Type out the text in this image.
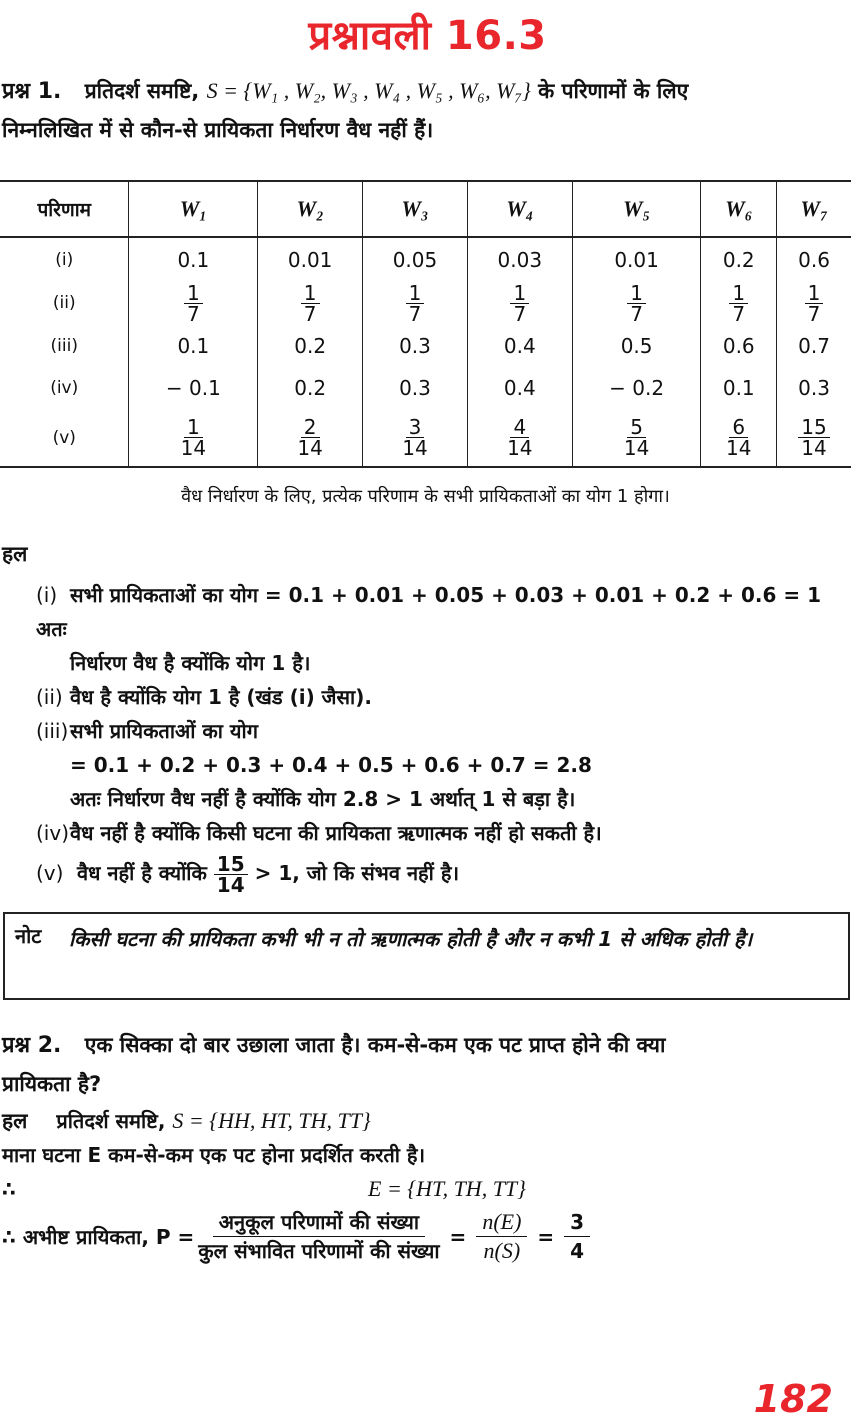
प्रश्नावली 16.3
प्रश्न 1. प्रतिदर्श समष्टि, S = {W₁ , W₂, W₃ , W₄ , W₅ , W₆, W₇} के परिणामों के लिए
निम्नलिखित में से कौन-से प्रायिकता निर्धारण वैध नहीं हैं।
परिणाम	W₁	W₂	W₃	W₄	W₅	W₆	W₇
(i)	0.1	0.01	0.05	0.03	0.01	0.2	0.6
(ii)	$\frac{1}{7}$	$\frac{1}{7}$	$\frac{1}{7}$	$\frac{1}{7}$	$\frac{1}{7}$	$\frac{1}{7}$	$\frac{1}{7}$

(iii)	0.1	0.2	0.3	0.4	0.5	0.6	0.7
(iv)	− 0.1	0.2	0.3	0.4	− 0.2	0.1	0.3
(v)	$\frac{1}{14}$	$\frac{2}{14}$	$\frac{3}{14}$	$\frac{4}{14}$	$\frac{5}{14}$	$\frac{6}{14}$	$\frac{15}{14}$
वैध निर्धारण के लिए, प्रत्येक परिणाम के सभी प्रायिकताओं का योग 1 होगा।
हल
(i) सभी प्रायिकताओं का योग = 0.1 + 0.01 + 0.05 + 0.03 + 0.01 + 0.2 + 0.6 = 1 अतः
निर्धारण वैध है क्योंकि योग 1 है।
(ii) वैध है क्योंकि योग 1 है (खंड (i) जैसा).
(iii)सभी प्रायिकताओं का योग
= 0.1 + 0.2 + 0.3 + 0.4 + 0.5 + 0.6 + 0.7 = 2.8
अतः निर्धारण वैध नहीं है क्योंकि योग 2.8 > 1 अर्थात् 1 से बड़ा है।
(iv)वैध नहीं है क्योंकि किसी घटना की प्रायिकता ऋणात्मक नहीं हो सकती है।
(v) वैध नहीं है क्योंकि $\frac{15}{14} > 1$, जो कि संभव नहीं है।
नोट किसी घटना की प्रायिकता कभी भी न तो ऋणात्मक होती है और न कभी 1 से अधिक होती है।
प्रश्न 2. एक सिक्का दो बार उछाला जाता है। कम-से-कम एक पट प्राप्त होने की क्या
प्रायिकता है?
हल प्रतिदर्श समष्टि, S = {HH, HT, TH, TT}
माना घटना E कम-से-कम एक पट होना प्रदर्शित करती है।
∴	E = {HT, TH, TT}
∴ अभीष्ट प्रायिकता, $P = \frac{\text{अनुकूल परिणामों की संख्या}}{\text{कुल संभावित परिणामों की संख्या}} = \frac{n(E)}{n(S)} = \frac{3}{4}$
182
